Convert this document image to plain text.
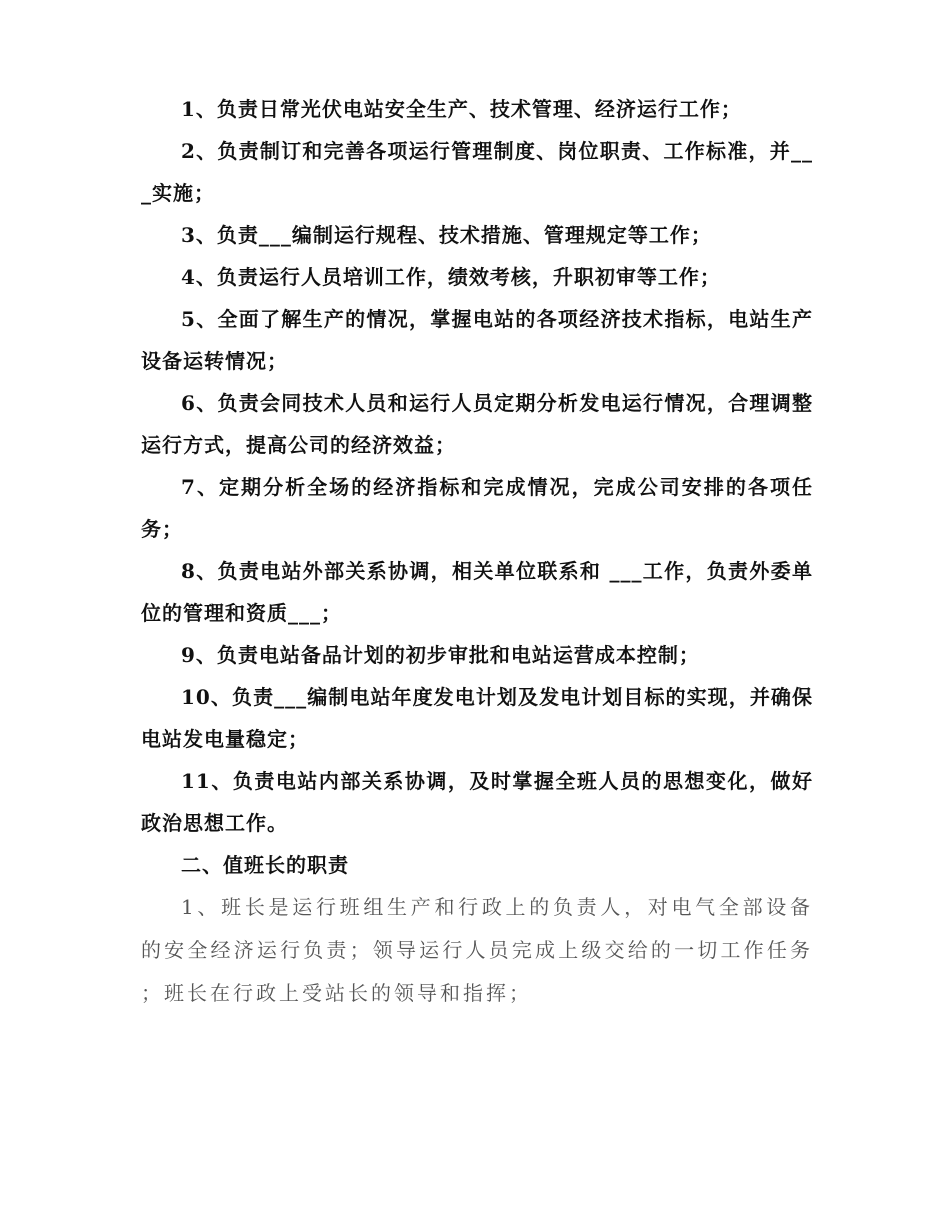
1、负责日常光伏电站安全生产、技术管理、经济运行工作；

2、负责制订和完善各项运行管理制度、岗位职责、工作标准，并___实施；

3、负责___编制运行规程、技术措施、管理规定等工作；

4、负责运行人员培训工作，绩效考核，升职初审等工作；

5、全面了解生产的情况，掌握电站的各项经济技术指标，电站生产设备运转情况；

6、负责会同技术人员和运行人员定期分析发电运行情况，合理调整运行方式，提高公司的经济效益；

7、定期分析全场的经济指标和完成情况，完成公司安排的各项任务；

8、负责电站外部关系协调，相关单位联系和 ___工作，负责外委单位的管理和资质___；

9、负责电站备品计划的初步审批和电站运营成本控制；

10、负责___编制电站年度发电计划及发电计划目标的实现，并确保电站发电量稳定；

11、负责电站内部关系协调，及时掌握全班人员的思想变化，做好政治思想工作。

二、值班长的职责

1、班长是运行班组生产和行政上的负责人，对电气全部设备的安全经济运行负责；领导运行人员完成上级交给的一切工作任务 ；班长在行政上受站长的领导和指挥；
